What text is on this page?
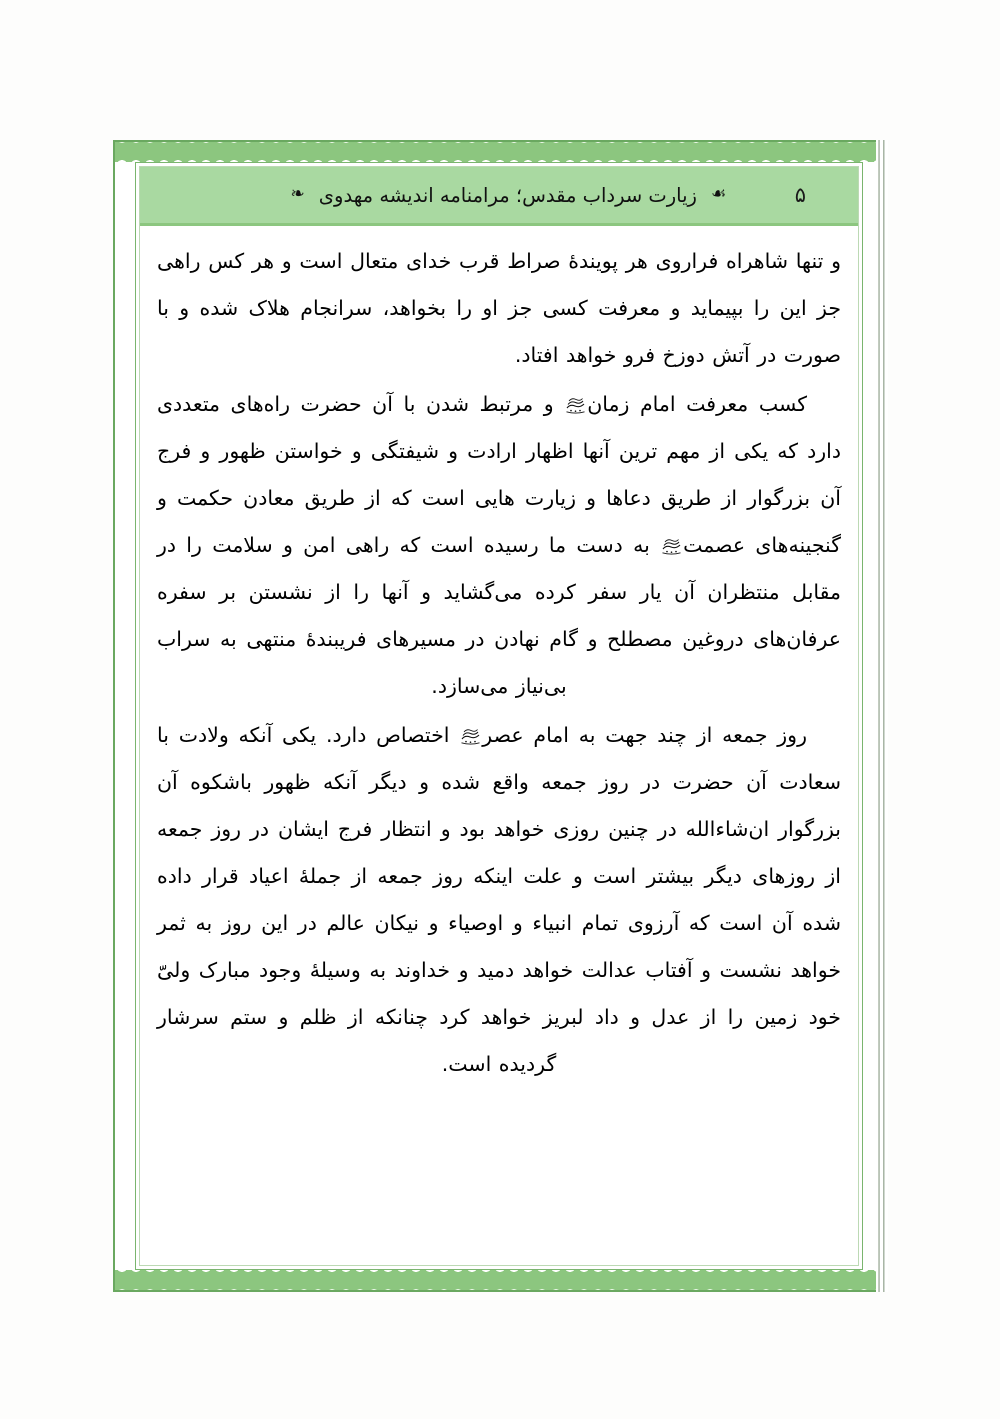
۵
☙
زیارت سرداب مقدس؛ مرامنامه اندیشه مهدوی
❧

و تنها شاهراه فراروی هر پویندهٔ صراط قرب خدای متعال است و هر کس راهی جز این را بپیماید و معرفت کسی جز او را بخواهد، سرانجام هلاک شده و با صورت در آتش دوزخ فرو خواهد افتاد.

کسب معرفت امام زمان
و مرتبط شدن با آن حضرت راه‌های متعددی دارد که یکی از مهم ترین آنها اظهار ارادت و شیفتگی و خواستن ظهور و فرج آن بزرگوار از طریق دعاها و زیارت هایی است که از طریق معادن حکمت و گنجینه‌های عصمت
به دست ما رسیده است که راهی امن و سلامت را در مقابل منتظران آن یار سفر کرده می‌گشاید و آنها را از نشستن بر سفره عرفان‌های دروغین مصطلح و گام نهادن در مسیرهای فریبندهٔ منتهی به سراب بی‌نیاز می‌سازد.

روز جمعه از چند جهت به امام عصر
اختصاص دارد. یکی آنکه ولادت با سعادت آن حضرت در روز جمعه واقع شده و دیگر آنکه ظهور باشکوه آن بزرگوار ان‌شاءالله در چنین روزی خواهد بود و انتظار فرج ایشان در روز جمعه از روزهای دیگر بیشتر است و علت اینکه روز جمعه از جملهٔ اعیاد قرار داده شده آن است که آرزوی تمام انبیاء و اوصیاء و نیکان عالم در این روز به ثمر خواهد نشست و آفتاب عدالت خواهد دمید و خداوند به وسیلهٔ وجود مبارک ولیّ خود زمین را از عدل و داد لبریز خواهد کرد چنانکه از ظلم و ستم سرشار گردیده است.
